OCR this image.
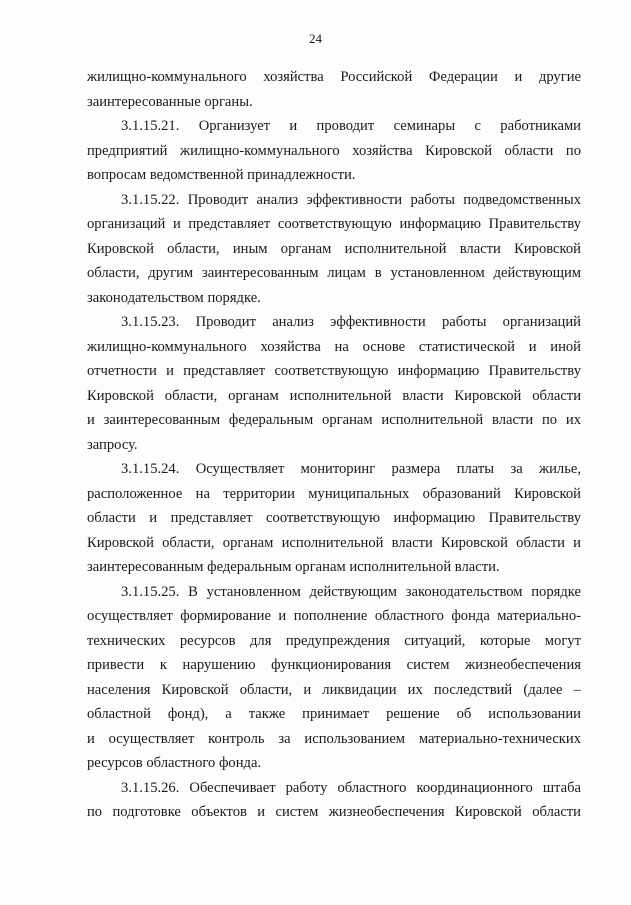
24
жилищно-коммунального хозяйства Российской Федерации и другие
заинтересованные органы.
3.1.15.21. Организует и проводит семинары с работниками
предприятий жилищно-коммунального хозяйства Кировской области по
вопросам ведомственной принадлежности.
3.1.15.22. Проводит анализ эффективности работы подведомственных
организаций и представляет соответствующую информацию Правительству
Кировской области, иным органам исполнительной власти Кировской
области, другим заинтересованным лицам в установленном действующим
законодательством порядке.
3.1.15.23. Проводит анализ эффективности работы организаций
жилищно-коммунального хозяйства на основе статистической и иной
отчетности и представляет соответствующую информацию Правительству
Кировской области, органам исполнительной власти Кировской области
и заинтересованным федеральным органам исполнительной власти по их
запросу.
3.1.15.24. Осуществляет мониторинг размера платы за жилье,
расположенное на территории муниципальных образований Кировской
области и представляет соответствующую информацию Правительству
Кировской области, органам исполнительной власти Кировской области и
заинтересованным федеральным органам исполнительной власти.
3.1.15.25. В установленном действующим законодательством порядке
осуществляет формирование и пополнение областного фонда материально-
технических ресурсов для предупреждения ситуаций, которые могут
привести к нарушению функционирования систем жизнеобеспечения
населения Кировской области, и ликвидации их последствий (далее –
областной фонд), а также принимает решение об использовании
и осуществляет контроль за использованием материально-технических
ресурсов областного фонда.
3.1.15.26. Обеспечивает работу областного координационного штаба
по подготовке объектов и систем жизнеобеспечения Кировской области
